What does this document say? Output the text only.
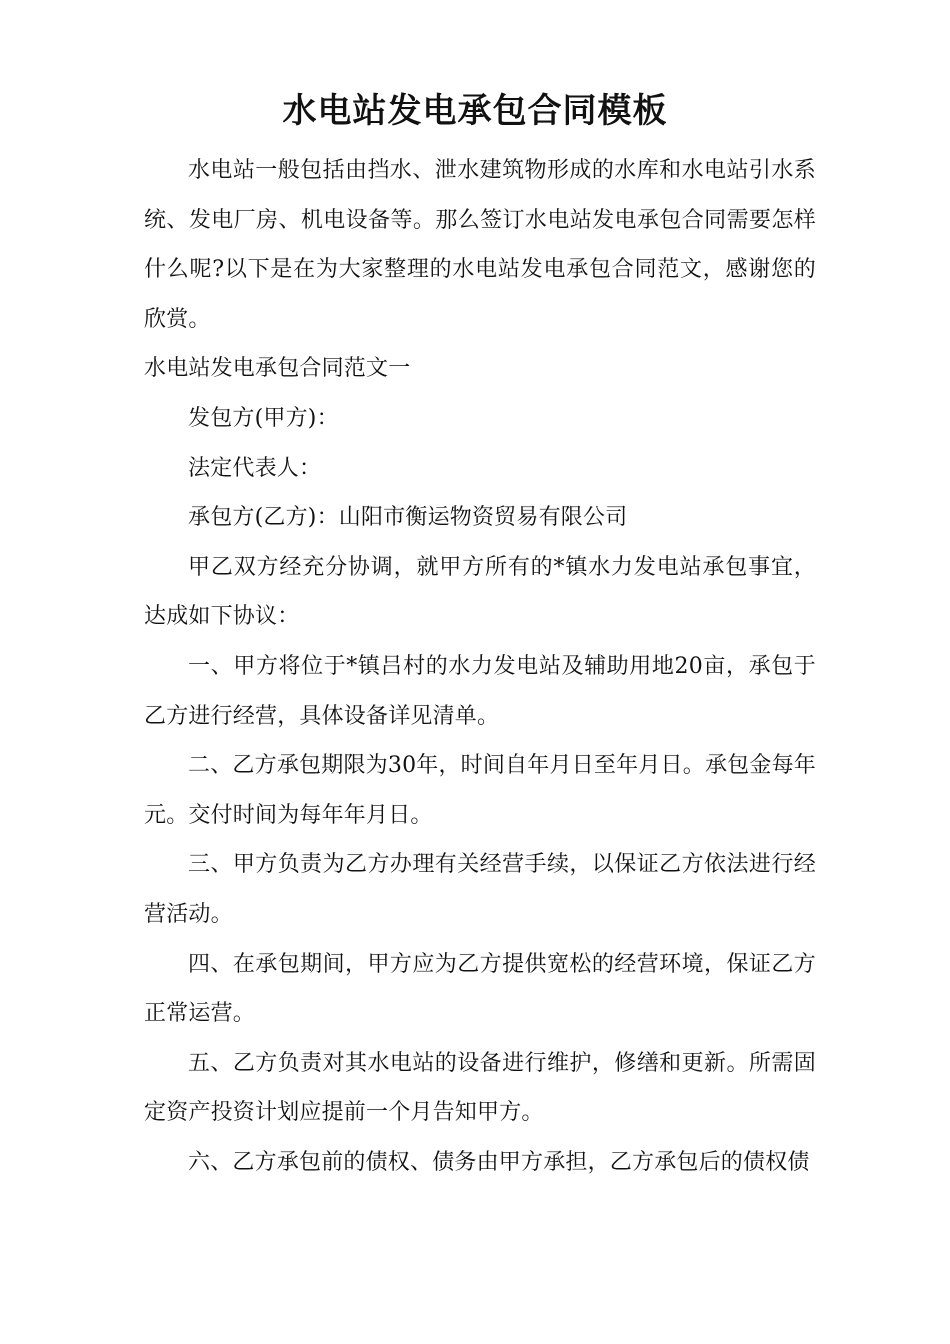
水电站发电承包合同模板

水电站一般包括由挡水、泄水建筑物形成的水库和水电站引水系统、发电厂房、机电设备等。那么签订水电站发电承包合同需要怎样什么呢?以下是在为大家整理的水电站发电承包合同范文，感谢您的欣赏。

水电站发电承包合同范文一

发包方(甲方)：

法定代表人：

承包方(乙方)：山阳市衡运物资贸易有限公司

甲乙双方经充分协调，就甲方所有的*镇水力发电站承包事宜，达成如下协议：

一、甲方将位于*镇吕村的水力发电站及辅助用地20亩，承包于乙方进行经营，具体设备详见清单。

二、乙方承包期限为30年，时间自年月日至年月日。承包金每年元。交付时间为每年年月日。

三、甲方负责为乙方办理有关经营手续，以保证乙方依法进行经营活动。

四、在承包期间，甲方应为乙方提供宽松的经营环境，保证乙方正常运营。

五、乙方负责对其水电站的设备进行维护，修缮和更新。所需固定资产投资计划应提前一个月告知甲方。

六、乙方承包前的债权、债务由甲方承担，乙方承包后的债权债
